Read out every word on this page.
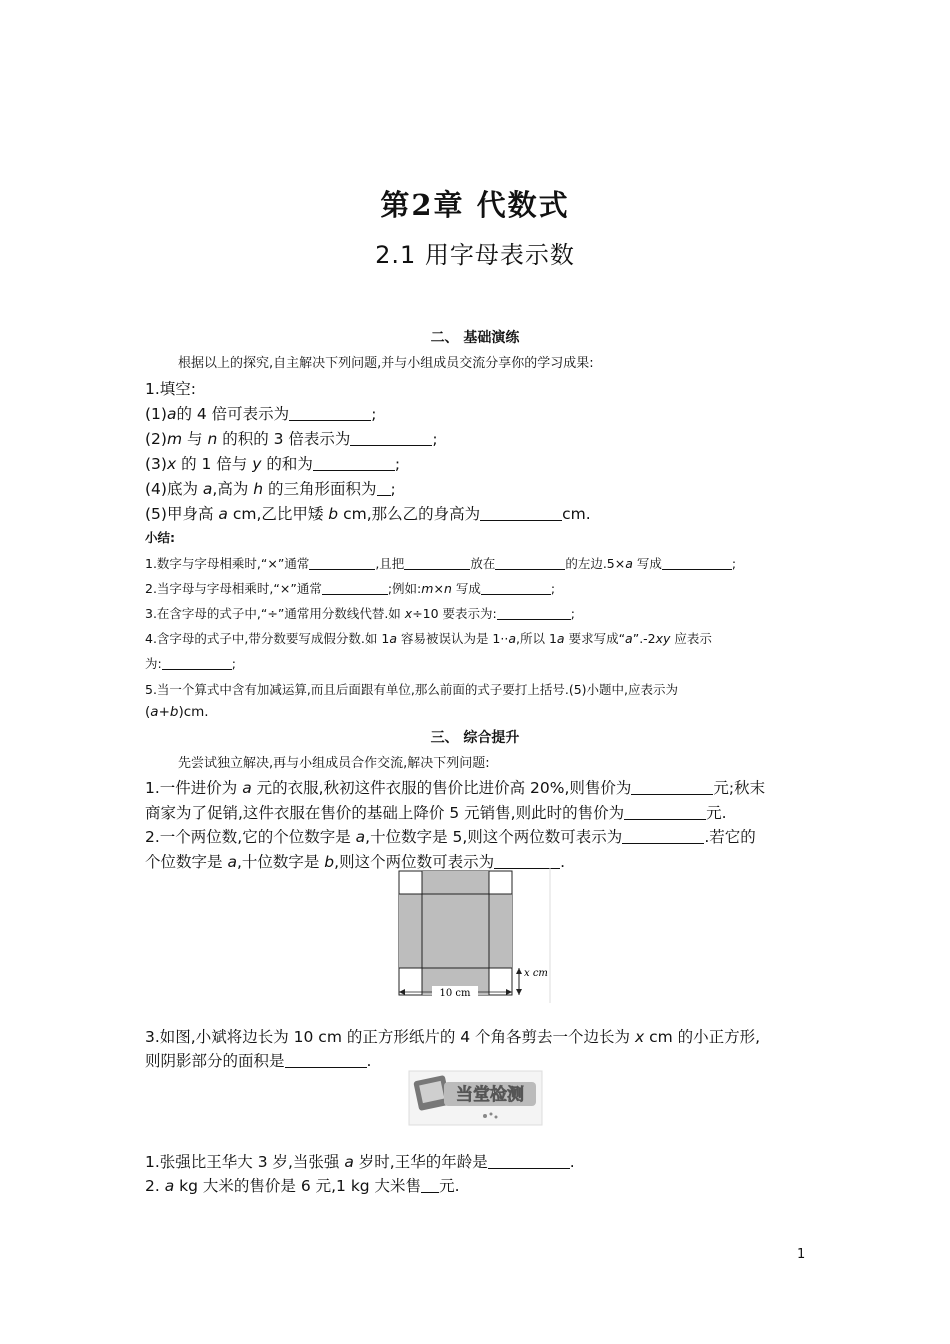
第2章 代数式
2.1 用字母表示数
二、 基础演练
根据以上的探究,自主解决下列问题,并与小组成员交流分享你的学习成果:
1.填空:
(1)a的 4 倍可表示为	;
(2)m 与 n 的积的 3 倍表示为	;
(3)x 的 1 倍与 y 的和为	;
(4)底为 a,高为 h 的三角形面积为 ;
(5)甲身高 a cm,乙比甲矮 b cm,那么乙的身高为	cm.
小结:
1.数字与字母相乘时,“×”通常	,且把	放在	的左边.5×a 写成	;
2.当字母与字母相乘时,“×”通常	;例如:m×n 写成	;
3.在含字母的式子中,“÷”通常用分数线代替.如 x÷10 要表示为:	;
4.含字母的式子中,带分数要写成假分数.如 1a 容易被误认为是 1··a,所以 1a 要求写成“a”.-2xy 应表示
为:	;
5.当一个算式中含有加减运算,而且后面跟有单位,那么前面的式子要打上括号.(5)小题中,应表示为
(a+b)cm.
三、 综合提升
先尝试独立解决,再与小组成员合作交流,解决下列问题:
1.一件进价为 a 元的衣服,秋初这件衣服的售价比进价高 20%,则售价为	元;秋末
商家为了促销,这件衣服在售价的基础上降价 5 元销售,则此时的售价为	元.
2.一个两位数,它的个位数字是 a,十位数字是 5,则这个两位数可表示为	.若它的
个位数字是 a,十位数字是 b,则这个两位数可表示为	.
x cm
10 cm
3.如图,小斌将边长为 10 cm 的正方形纸片的 4 个角各剪去一个边长为 x cm 的小正方形,
则阴影部分的面积是	.
当堂检测
1.张强比王华大 3 岁,当张强 a 岁时,王华的年龄是	.
2. a kg 大米的售价是 6 元,1 kg 大米售 元.
1
